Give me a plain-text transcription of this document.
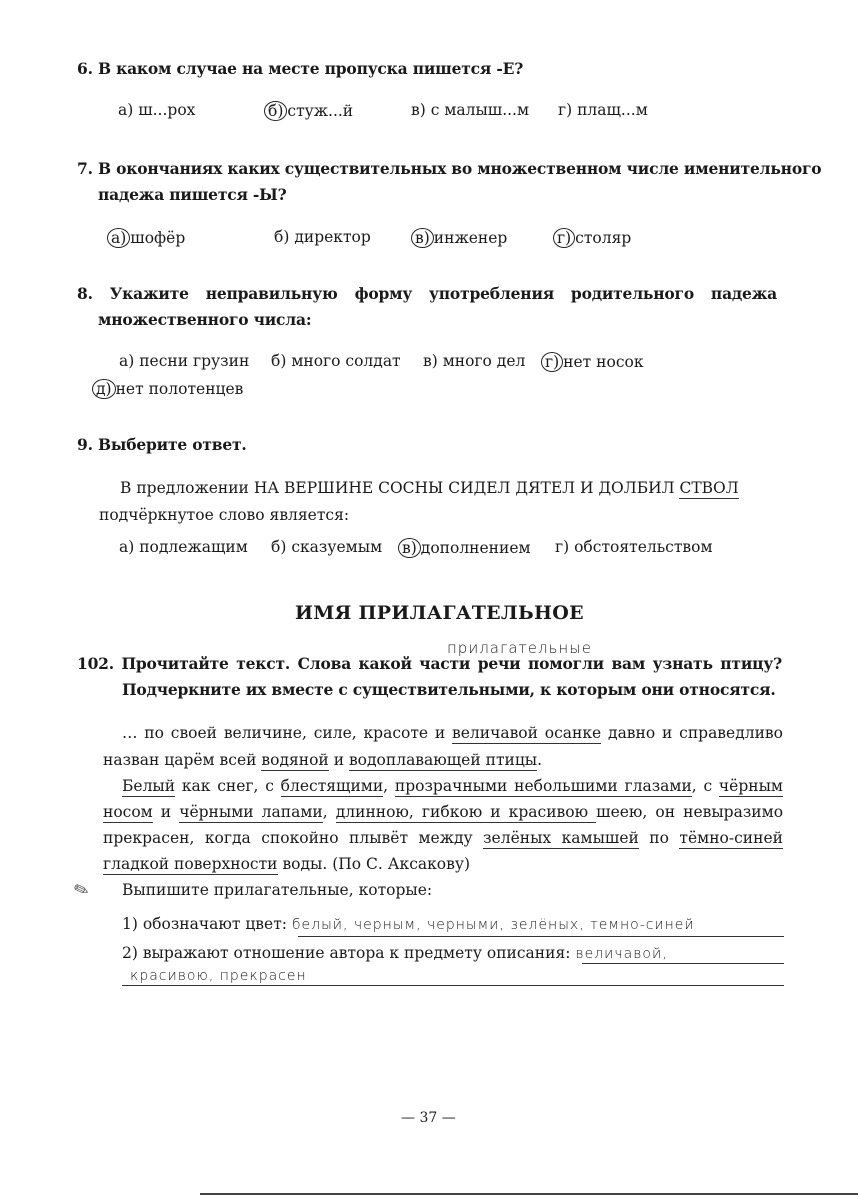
6. В каком случае на месте пропуска пишется -Е?
а) ш...рох	б) стуж...й	в) с малыш...м г) плащ...м
7. В окончаниях каких существительных во множественном числе именительного
падежа пишется -Ы?
а) шофёр	б) директор	в) инженер	г) столяр
8. Укажите неправильную форму употребления родительного падежа
множественного числа:
а) песни грузин б) много солдат в) много дел г) нет носок
д) нет полотенцев
9. Выберите ответ.
В предложении НА ВЕРШИНЕ СОСНЫ СИДЕЛ ДЯТЕЛ И ДОЛБИЛ СТВОЛ
подчёркнутое слово является:
а) подлежащим б) сказуемым в) дополнением г) обстоятельством
ИМЯ ПРИЛАГАТЕЛЬНОЕ
прилагательные
102. Прочитайте текст. Слова какой части речи помогли вам узнать птицу?
Подчеркните их вместе с существительными, к которым они относятся.
… по своей величине, силе, красоте и величавой осанке давно и справедливо
назван царём всей водяной и водоплавающей птицы.
Белый как снег, с блестящими, прозрачными небольшими глазами, с чёрным
носом и чёрными лапами, длинною, гибкою и красивою шеею, он невыразимо
прекрасен, когда спокойно плывёт между зелёных камышей по тёмно-синей
гладкой поверхности воды. (По С. Аксакову)
✎ Выпишите прилагательные, которые:
1) обозначают цвет: белый, черным, черными, зелёных, темно-синей
2) выражают отношение автора к предмету описания: величавой,
красивою, прекрасен
— 37 —
